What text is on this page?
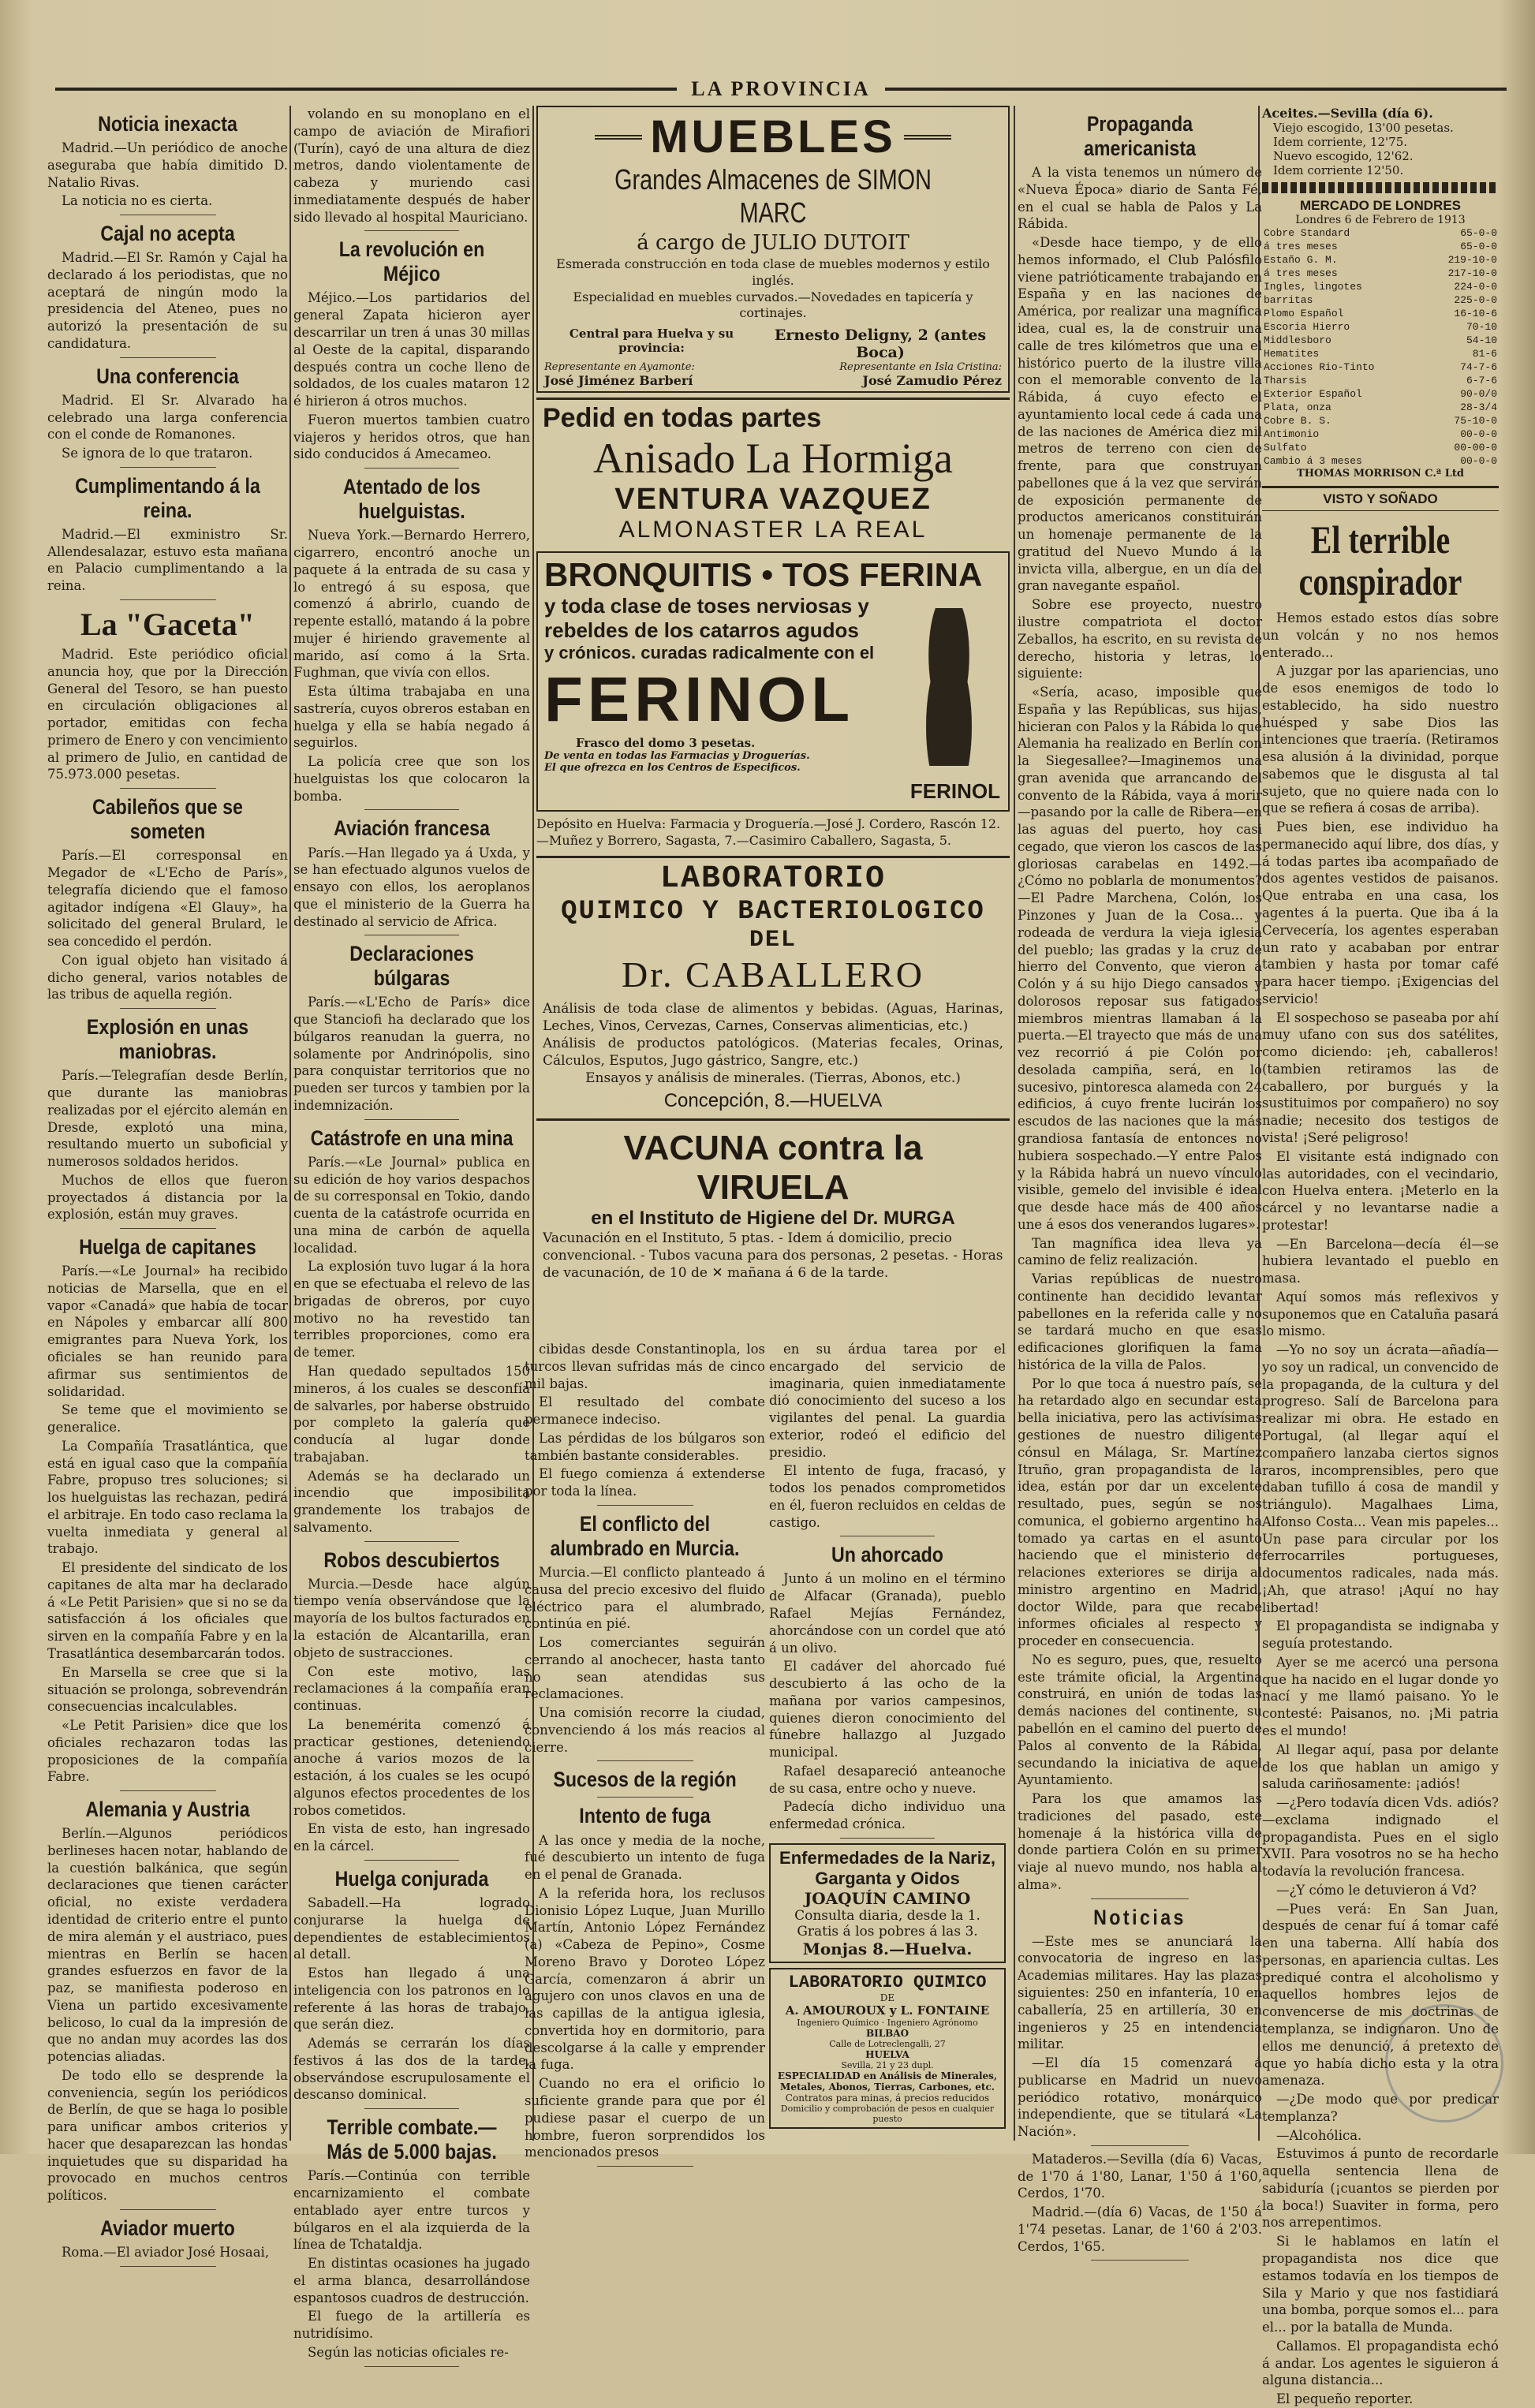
LA PROVINCIA
Noticia inexacta

Madrid.—Un periódico de anoche aseguraba que había dimitido D. Natalio Rivas.

La noticia no es cierta.

Cajal no acepta

Madrid.—El Sr. Ramón y Cajal ha declarado á los periodistas, que no aceptará de ningún modo la presidencia del Ateneo, pues no autorizó la presentación de su candidatura.

Una conferencia

Madrid. El Sr. Alvarado ha celebrado una larga conferencia con el conde de Romanones.

Se ignora de lo que trataron.

Cumplimentando á la reina.

Madrid.—El exministro Sr. Allendesalazar, estuvo esta mañana en Palacio cumplimentando a la reina.

La "Gaceta"

Madrid. Este periódico oficial anuncia hoy, que por la Dirección General del Tesoro, se han puesto en circulación obligaciones al portador, emitidas con fecha primero de Enero y con vencimiento al primero de Julio, en cantidad de 75.973.000 pesetas.

Cabileños que se someten

París.—El corresponsal en Megador de «L'Echo de París», telegrafía diciendo que el famoso agitador indígena «El Glauy», ha solicitado del general Brulard, le sea concedido el perdón.

Con igual objeto han visitado á dicho general, varios notables de las tribus de aquella región.

Explosión en unas maniobras.

París.—Telegrafían desde Berlín, que durante las maniobras realizadas por el ejército alemán en Dresde, explotó una mina, resultando muerto un suboficial y numerosos soldados heridos.

Muchos de ellos que fueron proyectados á distancia por la explosión, están muy graves.

Huelga de capitanes

París.—«Le Journal» ha recibido noticias de Marsella, que en el vapor «Canadá» que había de tocar en Nápoles y embarcar allí 800 emigrantes para Nueva York, los oficiales se han reunido para afirmar sus sentimientos de solidaridad.

Se teme que el movimiento se generalice.

La Compañía Trasatlántica, que está en igual caso que la compañía Fabre, propuso tres soluciones; si los huelguistas las rechazan, pedirá el arbitraje. En todo caso reclama la vuelta inmediata y general al trabajo.

El presidente del sindicato de los capitanes de alta mar ha declarado á «Le Petit Parisien» que si no se da satisfacción á los oficiales que sirven en la compañía Fabre y en la Trasatlántica desembarcarán todos.

En Marsella se cree que si la situación se prolonga, sobrevendrán consecuencias incalculables.

«Le Petit Parisien» dice que los oficiales rechazaron todas las proposiciones de la compañía Fabre.

Alemania y Austria

Berlín.—Algunos periódicos berlineses hacen notar, hablando de la cuestión balkánica, que según declaraciones que tienen carácter oficial, no existe verdadera identidad de criterio entre el punto de mira alemán y el austriaco, pues mientras en Berlín se hacen grandes esfuerzos en favor de la paz, se manifiesta poderoso en Viena un partido excesivamente belicoso, lo cual da la impresión de que no andan muy acordes las dos potencias aliadas.

De todo ello se desprende la conveniencia, según los periódicos de Berlín, de que se haga lo posible para unificar ambos criterios y hacer que desaparezcan las hondas inquietudes que su disparidad ha provocado en muchos centros políticos.

Aviador muerto

Roma.—El aviador José Hosaai,

volando en su monoplano en el campo de aviación de Mirafiori (Turín), cayó de una altura de diez metros, dando violentamente de cabeza y muriendo casi inmediatamente después de haber sido llevado al hospital Mauriciano.

La revolución en Méjico

Méjico.—Los partidarios del general Zapata hicieron ayer descarrilar un tren á unas 30 millas al Oeste de la capital, disparando después contra un coche lleno de soldados, de los cuales mataron 12 é hirieron á otros muchos.

Fueron muertos tambien cuatro viajeros y heridos otros, que han sido conducidos á Amecameo.

Atentado de los huelguistas.

Nueva York.—Bernardo Herrero, cigarrero, encontró anoche un paquete á la entrada de su casa y lo entregó á su esposa, que comenzó á abrirlo, cuando de repente estalló, matando á la pobre mujer é hiriendo gravemente al marido, así como á la Srta. Fughman, que vivía con ellos.

Esta última trabajaba en una sastrería, cuyos obreros estaban en huelga y ella se había negado á seguirlos.

La policía cree que son los huelguistas los que colocaron la bomba.

Aviación francesa

París.—Han llegado ya á Uxda, y se han efectuado algunos vuelos de ensayo con ellos, los aeroplanos que el ministerio de la Guerra ha destinado al servicio de Africa.

Declaraciones búlgaras

París.—«L'Echo de París» dice que Stanciofi ha declarado que los búlgaros reanudan la guerra, no solamente por Andrinópolis, sino para conquistar territorios que no pueden ser turcos y tambien por la indemnización.

Catástrofe en una mina

París.—«Le Journal» publica en su edición de hoy varios despachos de su corresponsal en Tokio, dando cuenta de la catástrofe ocurrida en una mina de carbón de aquella localidad.

La explosión tuvo lugar á la hora en que se efectuaba el relevo de las brigadas de obreros, por cuyo motivo no ha revestido tan terribles proporciones, como era de temer.

Han quedado sepultados 150 mineros, á los cuales se desconfía de salvarles, por haberse obstruido por completo la galería que conducía al lugar donde trabajaban.

Además se ha declarado un incendio que imposibilita grandemente los trabajos de salvamento.

Robos descubiertos

Murcia.—Desde hace algún tiempo venía observándose que la mayoría de los bultos facturados en la estación de Alcantarilla, eran objeto de sustracciones.

Con este motivo, las reclamaciones á la compañía eran continuas.

La benemérita comenzó á practicar gestiones, deteniendo anoche á varios mozos de la estación, á los cuales se les ocupó algunos efectos procedentes de los robos cometidos.

En vista de esto, han ingresado en la cárcel.

Huelga conjurada

Sabadell.—Ha logrado conjurarse la huelga de dependientes de establecimientos al detall.

Estos han llegado á una inteligencia con los patronos en lo referente á las horas de trabajo, que serán diez.

Además se cerrarán los días festivos á las dos de la tarde, observándose escrupulosamente el descanso dominical.

Terrible combate.—Más de 5.000 bajas.

París.—Continúa con terrible encarnizamiento el combate entablado ayer entre turcos y búlgaros en el ala izquierda de la línea de Tchataldja.

En distintas ocasiones ha jugado el arma blanca, desarrollándose espantosos cuadros de destrucción.

El fuego de la artillería es nutridísimo.

Según las noticias oficiales re-

MUEBLES
Grandes Almacenes de SIMON MARC
á cargo de JULIO DUTOIT
Esmerada construcción en toda clase de muebles modernos y estilo inglés.
Especialidad en muebles curvados.—Novedades en tapicería y cortinajes.
Central para Huelva y su provincia:
Ernesto Deligny, 2 (antes Boca)
Representante en Ayamonte:	Representante en Isla Cristina:
José Jiménez Barberí	José Zamudio Pérez
Pedid en todas partes
Anisado La Hormiga
VENTURA VAZQUEZ
ALMONASTER LA REAL
BRONQUITIS • TOS FERINA
y toda clase de toses nerviosas y
rebeldes de los catarros agudos
y crónicos. curadas radicalmente con el
FERINOL
Frasco del domo 3 pesetas.
De venta en todas las Farmacias y Droguerías.
El que ofrezca en los Centros de Especificos.
FERINOL
Depósito en Huelva: Farmacia y Droguería.—José J. Cordero, Rascón 12.—Muñez y Borrero, Sagasta, 7.—Casimiro Caballero, Sagasta, 5.
LABORATORIO
QUIMICO Y BACTERIOLOGICO
DEL
Dr. CABALLERO
Análisis de toda clase de alimentos y bebidas. (Aguas, Harinas, Leches, Vinos, Cervezas, Carnes, Conservas alimenticias, etc.)
Análisis de productos patológicos. (Materias fecales, Orinas, Cálculos, Esputos, Jugo gástrico, Sangre, etc.)
Ensayos y análisis de minerales. (Tierras, Abonos, etc.)
Concepción, 8.—HUELVA
VACUNA contra la VIRUELA
en el Instituto de Higiene del Dr. MURGA
Vacunación en el Instituto, 5 ptas. - Idem á domicilio, precio convencional. - Tubos vacuna para dos personas, 2 pesetas. - Horas de vacunación, de 10 de ✕ mañana á 6 de la tarde.

cibidas desde Constantinopla, los turcos llevan sufridas más de cinco mil bajas.

El resultado del combate permanece indeciso.

Las pérdidas de los búlgaros son también bastante considerables.

El fuego comienza á extenderse por toda la línea.

El conflicto del alumbrado en Murcia.

Murcia.—El conflicto planteado á causa del precio excesivo del fluido eléctrico para el alumbrado, continúa en pié.

Los comerciantes seguirán cerrando al anochecer, hasta tanto no sean atendidas sus reclamaciones.

Una comisión recorre la ciudad, convenciendo á los más reacios al cierre.

Sucesos de la región
Intento de fuga

A las once y media de la noche, fué descubierto un intento de fuga en el penal de Granada.

A la referida hora, los reclusos Dionisio López Luque, Juan Murillo Martín, Antonio López Fernández (a) «Cabeza de Pepino», Cosme Moreno Bravo y Doroteo López García, comenzaron á abrir un agujero con unos clavos en una de las capillas de la antigua iglesia, convertida hoy en dormitorio, para descolgarse á la calle y emprender la fuga.

Cuando no era el orificio lo suficiente grande para que por él pudiese pasar el cuerpo de un hombre, fueron sorprendidos los mencionados presos

en su árdua tarea por el encargado del servicio de imaginaria, quien inmediatamente dió conocimiento del suceso a los vigilantes del penal. La guardia exterior, rodeó el edificio del presidio.

El intento de fuga, fracasó, y todos los penados comprometidos en él, fueron recluidos en celdas de castigo.

Un ahorcado

Junto á un molino en el término de Alfacar (Granada), pueblo Rafael Mejías Fernández, ahorcándose con un cordel que ató á un olivo.

El cadáver del ahorcado fué descubierto á las ocho de la mañana por varios campesinos, quienes dieron conocimiento del fúnebre hallazgo al Juzgado municipal.

Rafael desapareció anteanoche de su casa, entre ocho y nueve.

Padecía dicho individuo una enfermedad crónica.

Enfermedades de la Nariz, Garganta y Oidos
JOAQUÍN CAMINO
Consulta diaria, desde la 1.
Gratis á los pobres á las 3.
Monjas 8.—Huelva.
LABORATORIO QUIMICO
DE
A. AMOUROUX y L. FONTAINE
Ingeniero Químico · Ingeniero Agrónomo
BILBAO
Calle de Lotreclengalli, 27
HUELVA
Sevilla, 21 y 23 dupl.
ESPECIALIDAD en Análisis de Minerales, Metales, Abonos, Tierras, Carbones, etc.
Contratos para minas, á precios reducidos
Domicilio y comprobación de pesos en cualquier puesto
Propaganda americanista

A la vista tenemos un número de «Nueva Época» diario de Santa Fé, en el cual se habla de Palos y La Rábida.

«Desde hace tiempo, y de ello hemos informado, el Club Palósfilo viene patrióticamente trabajando en España y en las naciones de América, por realizar una magnífica idea, cual es, la de construir una calle de tres kilómetros que una el histórico puerto de la ilustre villa con el memorable convento de la Rábida, á cuyo efecto el ayuntamiento local cede á cada una de las naciones de América diez mil metros de terreno con cien de frente, para que construyan pabellones que á la vez que servirán de exposición permanente de productos americanos constituirán un homenaje permanente de la gratitud del Nuevo Mundo á la invicta villa, albergue, en un día del gran navegante español.

Sobre ese proyecto, nuestro ilustre compatriota el doctor Zeballos, ha escrito, en su revista de derecho, historia y letras, lo siguiente:

«Sería, acaso, imposible que España y las Repúblicas, sus hijas, hicieran con Palos y la Rábida lo que Alemania ha realizado en Berlín con la Siegesallee?—Imaginemos una gran avenida que arrancando del convento de la Rábida, vaya á morir—pasando por la calle de Ribera—en las aguas del puerto, hoy casi cegado, que vieron los cascos de las gloriosas carabelas en 1492.—¿Cómo no poblarla de monumentos?—El Padre Marchena, Colón, los Pinzones y Juan de la Cosa... y rodeada de verdura la vieja iglesia del pueblo; las gradas y la cruz de hierro del Convento, que vieron á Colón y á su hijo Diego cansados y dolorosos reposar sus fatigados miembros mientras llamaban á la puerta.—El trayecto que más de una vez recorrió á pie Colón por desolada campiña, será, en lo sucesivo, pintoresca alameda con 24 edificios, á cuyo frente lucirán los escudos de las naciones que la más grandiosa fantasía de entonces no hubiera sospechado.—Y entre Palos y la Rábida habrá un nuevo vínculo visible, gemelo del invisible é ideal que desde hace más de 400 años une á esos dos venerandos lugares».

Tan magnífica idea lleva ya camino de feliz realización.

Varias repúblicas de nuestro continente han decidido levantar pabellones en la referida calle y no se tardará mucho en que esas edificaciones glorifiquen la fama histórica de la villa de Palos.

Por lo que toca á nuestro país, se ha retardado algo en secundar esta bella iniciativa, pero las activísimas gestiones de nuestro diligente cónsul en Málaga, Sr. Martínez Itruño, gran propagandista de la idea, están por dar un excelente resultado, pues, según se nos comunica, el gobierno argentino ha tomado ya cartas en el asunto haciendo que el ministerio de relaciones exteriores se dirija al ministro argentino en Madrid, doctor Wilde, para que recabe informes oficiales al respecto y proceder en consecuencia.

No es seguro, pues, que, resuelto este trámite oficial, la Argentina construirá, en unión de todas las demás naciones del continente, su pabellón en el camino del puerto de Palos al convento de la Rábida, secundando la iniciativa de aquel Ayuntamiento.

Para los que amamos las tradiciones del pasado, este homenaje á la histórica villa de donde partiera Colón en su primer viaje al nuevo mundo, nos habla al alma».

Noticias

—Este mes se anunciará la convocatoria de ingreso en las Academias militares. Hay las plazas siguientes: 250 en infantería, 10 en caballería, 25 en artillería, 30 en ingenieros y 25 en intendencia militar.

—El día 15 comenzará á publicarse en Madrid un nuevo periódico rotativo, monárquico independiente, que se titulará «La Nación».

Mataderos.—Sevilla (día 6) Vacas, de 1'70 á 1'80, Lanar, 1'50 á 1'60, Cerdos, 1'70.

Madrid.—(día 6) Vacas, de 1'50 á 1'74 pesetas. Lanar, de 1'60 á 2'03. Cerdos, 1'65.

Aceites.—Sevilla (día 6).
Viejo escogido, 13'00 pesetas.
Idem corriente, 12'75.
Nuevo escogido, 12'62.
Idem corriente 12'50.
MERCADO DE LONDRES
Londres 6 de Febrero de 1913
Cobre Standard	65-0-0
á tres meses	65-0-0
Estaño G. M.	219-10-0
á tres meses	217-10-0
Ingles, lingotes	224-0-0
barritas	225-0-0
Plomo Español	16-10-6
Escoria Hierro	70-10
Middlesboro	54-10
Hematites	81-6
Acciones Rio-Tinto	74-7-6
Tharsis	6-7-6
Exterior Español	90-0/0
Plata, onza	28-3/4
Cobre B. S.	75-10-0
Antimonio	00-0-0
Sulfato	00-00-0
Cambio á 3 meses	00-0-0
THOMAS MORRISON C.ª Ltd
VISTO Y SOÑADO
El terrible conspirador

Hemos estado estos días sobre un volcán y no nos hemos enterado...

A juzgar por las apariencias, uno de esos enemigos de todo lo establecido, ha sido nuestro huésped y sabe Dios las intenciones que traería. (Retiramos esa alusión á la divinidad, porque sabemos que le disgusta al tal sujeto, que no quiere nada con lo que se refiera á cosas de arriba).

Pues bien, ese individuo ha permanecido aquí libre, dos días, y á todas partes iba acompañado de dos agentes vestidos de paisanos. Que entraba en una casa, los agentes á la puerta. Que iba á la Cervecería, los agentes esperaban un rato y acababan por entrar tambien y hasta por tomar café para hacer tiempo. ¡Exigencias del servicio!

El sospechoso se paseaba por ahí muy ufano con sus dos satélites, como diciendo: ¡eh, caballeros! (tambien retiramos las de caballero, por burgués y la sustituimos por compañero) no soy nadie; necesito dos testigos de vista! ¡Seré peligroso!

El visitante está indignado con las autoridades, con el vecindario, con Huelva entera. ¡Meterlo en la cárcel y no levantarse nadie a protestar!

—En Barcelona—decía él—se hubiera levantado el pueblo en masa.

Aquí somos más reflexivos y suponemos que en Cataluña pasará lo mismo.

—Yo no soy un ácrata—añadía—yo soy un radical, un convencido de la propaganda, de la cultura y del progreso. Salí de Barcelona para realizar mi obra. He estado en Portugal, (al llegar aquí el compañero lanzaba ciertos signos raros, incomprensibles, pero que daban tufillo á cosa de mandil y triángulo). Magalhaes Lima, Alfonso Costa... Vean mis papeles... Un pase para circular por los ferrocarriles portugueses, documentos radicales, nada más. ¡Ah, que atraso! ¡Aquí no hay libertad!

El propagandista se indignaba y seguía protestando.

Ayer se me acercó una persona que ha nacido en el lugar donde yo nací y me llamó paisano. Yo le contesté: Paisanos, no. ¡Mi patria es el mundo!

Al llegar aquí, pasa por delante de los que hablan un amigo y saluda cariñosamente: ¡adiós!

—¿Pero todavía dicen Vds. adiós?—exclama indignado el propagandista. Pues en el siglo XVII. Para vosotros no se ha hecho todavía la revolución francesa.

—¿Y cómo le detuvieron á Vd?

—Pues verá: En San Juan, después de cenar fuí á tomar café en una taberna. Allí había dos personas, en apariencia cultas. Les prediqué contra el alcoholismo y aquellos hombres lejos de convencerse de mis doctrinas de templanza, se indignaron. Uno de ellos me denunció, á pretexto de que yo había dicho esta y la otra amenaza.

—¿De modo que por predicar templanza?

—Alcohólica.

Estuvimos á punto de recordarle aquella sentencia llena de sabiduría (¡cuantos se pierden por la boca!) Suaviter in forma, pero nos arrepentimos.

Si le hablamos en latín el propagandista nos dice que estamos todavía en los tiempos de Sila y Mario y que nos fastidiará una bomba, porque somos el... para el... por la batalla de Munda.

Callamos. El propagandista echó á andar. Los agentes le siguieron á alguna distancia...

El pequeño reporter.
